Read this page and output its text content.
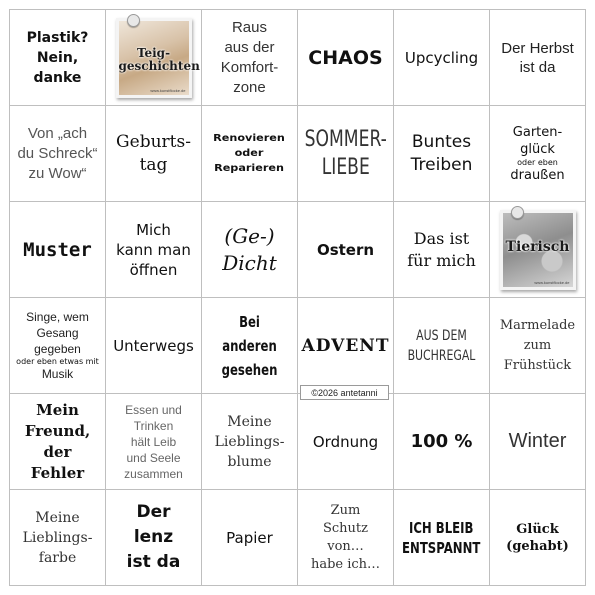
Plastik?
Nein,
danke
Teig-
geschichten
www.kunstflocke.de
Raus
aus der
Komfort-
zone
CHAOS Upcycling
Der Herbst
ist da
Von „ach
du Schreck“
zu Wow“
Geburts-
tag
Renovieren
oder
Reparieren
SOMMER-
LIEBE
Buntes
Treiben
Garten-
glück
oder eben
draußen
Muster
Mich
kann man
öffnen
(Ge-)
Dicht
Ostern
Das ist
für mich
Tierisch
www.kunstflocke.de
Singe, wem
Gesang
gegeben
oder eben etwas mit
Musik
Unterwegs
Bei anderen
gesehen
ADVENT	AUS DEM
BUCHREGAL
Marmelade
zum
Frühstück
Mein
Freund,
der
Fehler
Essen und
Trinken
hält Leib
und Seele
zusammen
Meine
Lieblings-
blume
Ordnung 100 % Winter
Meine
Lieblings-
farbe
Der
lenz
ist da
Papier
Zum
Schutz
von…
habe ich…
ICH BLEIB
ENTSPANNT
Glück
(gehabt)
©2026 antetanni
